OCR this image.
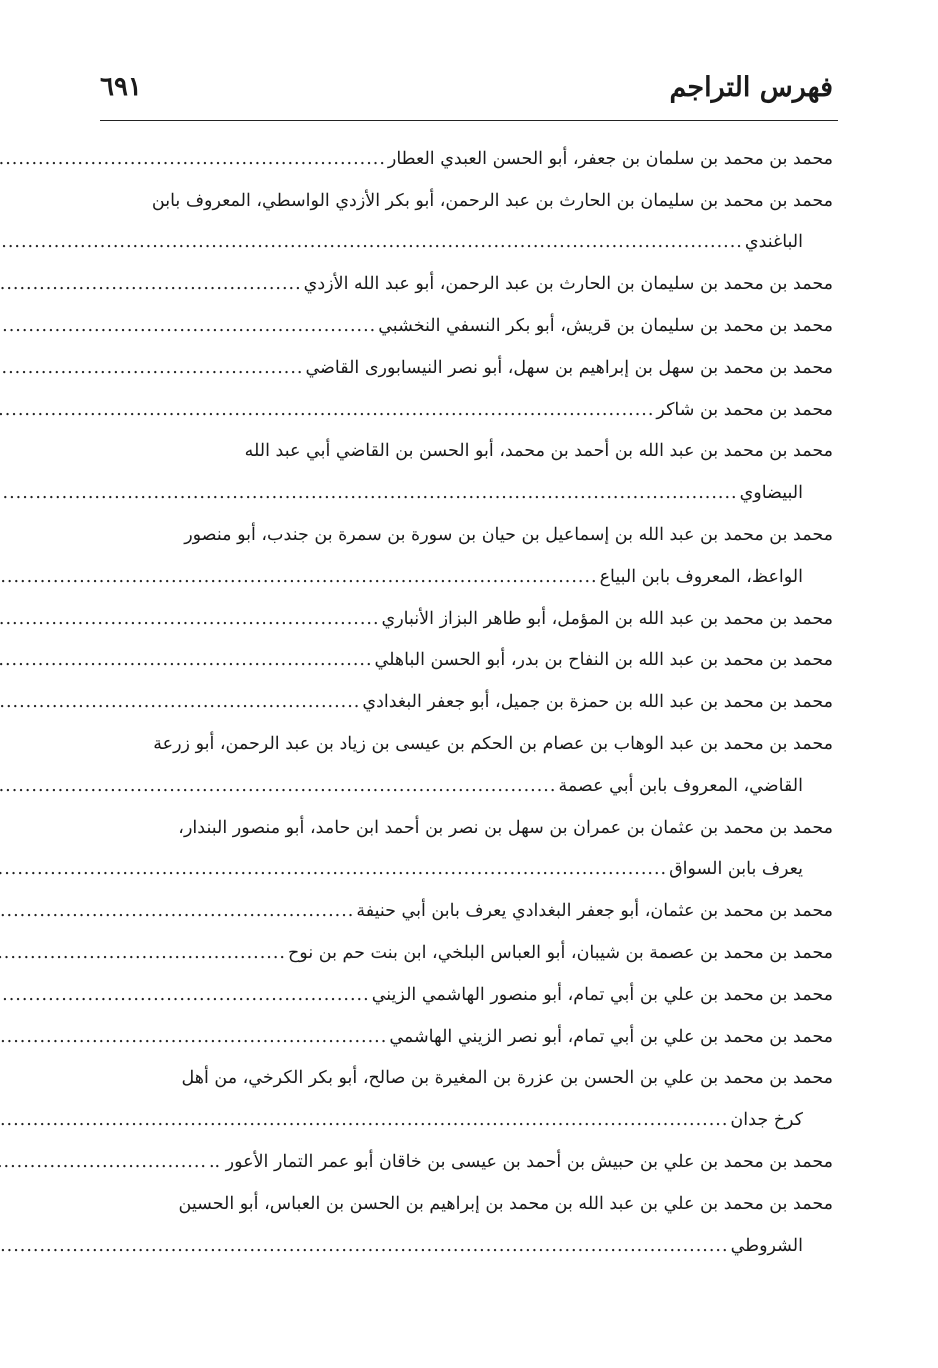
فهرس التراجم
٦٩١
محمد بن محمد بن سلمان بن جعفر، أبو الحسن العبدي العطار
.....
محمد بن محمد بن سليمان بن الحارث بن عبد الرحمن، أبو بكر الأزدي الواسطي، المعروف بابن
الباغندي
.....
محمد بن محمد بن سليمان بن الحارث بن عبد الرحمن، أبو عبد الله الأزدي
.....
محمد بن محمد بن سليمان بن قريش، أبو بكر النسفي النخشبي
.....
محمد بن محمد بن سهل بن إبراهيم بن سهل، أبو نصر النيسابورى القاضي
.....
محمد بن محمد بن شاكر
.....
محمد بن محمد بن عبد الله بن أحمد بن محمد، أبو الحسن بن القاضي أبي عبد الله
البيضاوي
.....
محمد بن محمد بن عبد الله بن إسماعيل بن حيان بن سورة بن سمرة بن جندب، أبو منصور
الواعظ، المعروف بابن البياع
.....
محمد بن محمد بن عبد الله بن المؤمل، أبو طاهر البزاز الأنباري
.....
محمد بن محمد بن عبد الله بن النفاح بن بدر، أبو الحسن الباهلي
.....
محمد بن محمد بن عبد الله بن حمزة بن جميل، أبو جعفر البغدادي
.....
محمد بن محمد بن عبد الوهاب بن عصام بن الحكم بن عيسى بن زياد بن عبد الرحمن، أبو زرعة
القاضي، المعروف بابن أبي عصمة
.....
محمد بن محمد بن عثمان بن عمران بن سهل بن نصر بن أحمد ابن حامد، أبو منصور البندار،
يعرف بابن السواق
.....
محمد بن محمد بن عثمان، أبو جعفر البغدادي يعرف بابن أبي حنيفة
.....
محمد بن محمد بن عصمة بن شيبان، أبو العباس البلخي، ابن بنت حم بن نوح
.....
محمد بن محمد بن علي بن أبي تمام، أبو منصور الهاشمي الزيني
.....
محمد بن محمد بن علي بن أبي تمام، أبو نصر الزيني الهاشمي
.....
محمد بن محمد بن علي بن الحسن بن عزرة بن المغيرة بن صالح، أبو بكر الكرخي، من أهل
كرخ جدان
.....
محمد بن محمد بن علي بن حبيش بن أحمد بن عيسى بن خاقان أبو عمر التمار الأعور ..
.....
محمد بن محمد بن علي بن عبد الله بن محمد بن إبراهيم بن الحسن بن العباس، أبو الحسين
الشروطي
.....
